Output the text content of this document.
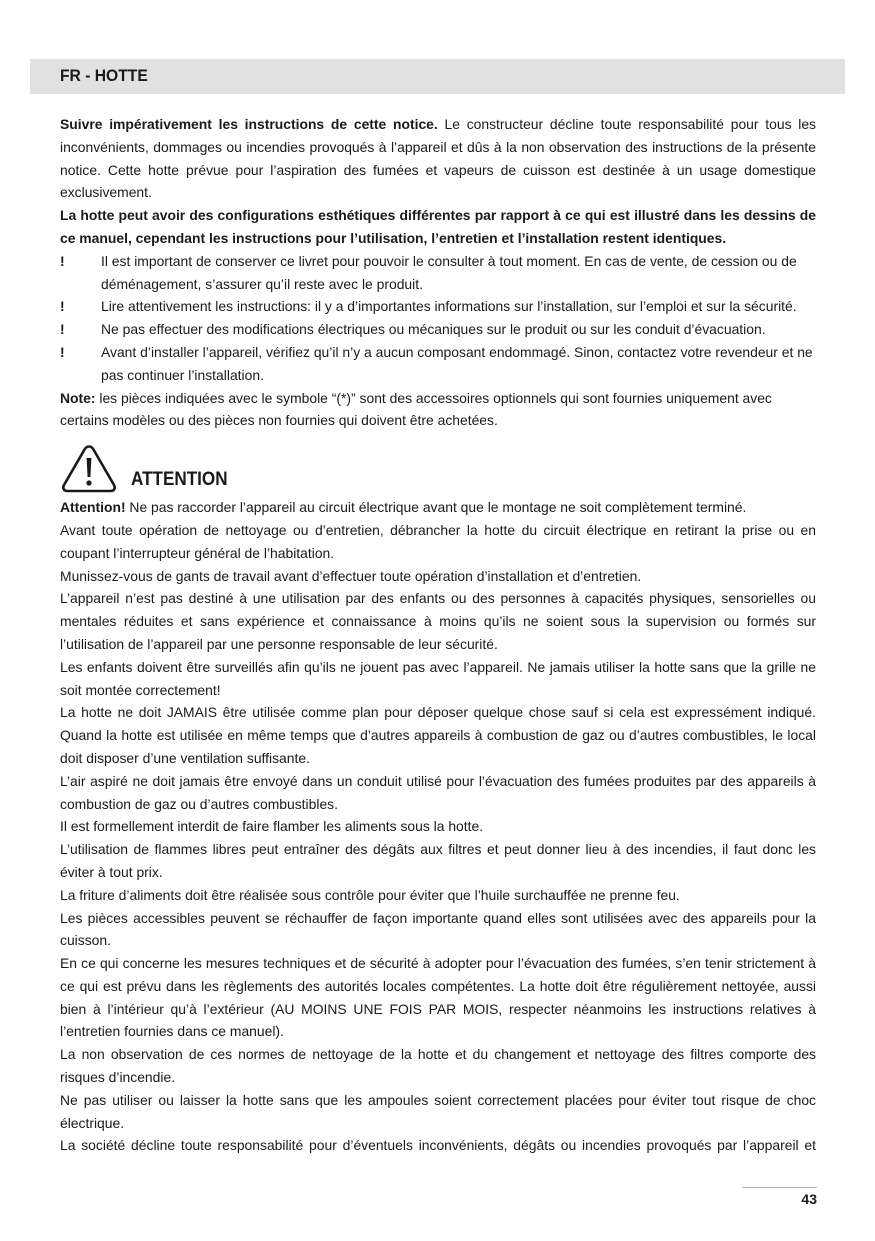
FR - HOTTE

Suivre impérativement les instructions de cette notice. Le constructeur décline toute responsabilité pour tous les inconvénients, dommages ou incendies provoqués à l’appareil et dûs à la non observation des instructions de la présente notice. Cette hotte prévue pour l’aspiration des fumées et vapeurs de cuisson est destinée à un usage domestique exclusivement.

La hotte peut avoir des configurations esthétiques différentes par rapport à ce qui est illustré dans les dessins de ce manuel, cependant les instructions pour l’utilisation, l’entretien et l’installation restent identiques.

!	Il est important de conserver ce livret pour pouvoir le consulter à tout moment. En cas de vente, de cession ou de déménagement, s’assurer qu’il reste avec le produit.

!	Lire attentivement les instructions: il y a d’importantes informations sur l’installation, sur l’emploi et sur la sécurité.

!	Ne pas effectuer des modifications électriques ou mécaniques sur le produit ou sur les conduit d’évacuation.

!	Avant d’installer l’appareil, vérifiez qu’il n’y a aucun composant endommagé. Sinon, contactez votre revendeur et ne pas continuer l’installation.

Note: les pièces indiquées avec le symbole “(*)” sont des accessoires optionnels qui sont fournies uniquement avec certains modèles ou des pièces non fournies qui doivent être achetées.

ATTENTION

Attention! Ne pas raccorder l’appareil au circuit électrique avant que le montage ne soit complètement terminé.

Avant toute opération de nettoyage ou d’entretien, débrancher la hotte du circuit électrique en retirant la prise ou en coupant l’interrupteur général de l’habitation.

Munissez-vous de gants de travail avant d’effectuer toute opération d’installation et d’entretien.

L’appareil n’est pas destiné à une utilisation par des enfants ou des personnes à capacités physiques, sensorielles ou mentales réduites et sans expérience et connaissance à moins qu’ils ne soient sous la supervision ou formés sur l’utilisation de l’appareil par une personne responsable de leur sécurité.

Les enfants doivent être surveillés afin qu’ils ne jouent pas avec l’appareil. Ne jamais utiliser la hotte sans que la grille ne soit montée correctement!

La hotte ne doit JAMAIS être utilisée comme plan pour déposer quelque chose sauf si cela est expressément indiqué. Quand la hotte est utilisée en même temps que d’autres appareils à combustion de gaz ou d’autres combustibles, le local doit disposer d’une ventilation suffisante.

L’air aspiré ne doit jamais être envoyé dans un conduit utilisé pour l’évacuation des fumées produites par des appareils à combustion de gaz ou d’autres combustibles.

Il est formellement interdit de faire flamber les aliments sous la hotte.

L’utilisation de flammes libres peut entraîner des dégâts aux filtres et peut donner lieu à des incendies, il faut donc les éviter à tout prix.

La friture d’aliments doit être réalisée sous contrôle pour éviter que l’huile surchauffée ne prenne feu.

Les pièces accessibles peuvent se réchauffer de façon importante quand elles sont utilisées avec des appareils pour la cuisson.

En ce qui concerne les mesures techniques et de sécurité à adopter pour l’évacuation des fumées, s’en tenir strictement à ce qui est prévu dans les règlements des autorités locales compétentes. La hotte doit être régulièrement nettoyée, aussi bien à l’intérieur qu’à l’extérieur (AU MOINS UNE FOIS PAR MOIS, respecter néanmoins les instructions relatives à l’entretien fournies dans ce manuel).

La non observation de ces normes de nettoyage de la hotte et du changement et nettoyage des filtres comporte des risques d’incendie.

Ne pas utiliser ou laisser la hotte sans que les ampoules soient correctement placées pour éviter tout risque de choc électrique.

La société décline toute responsabilité pour d’éventuels inconvénients, dégâts ou incendies provoqués par l’appareil et

43
